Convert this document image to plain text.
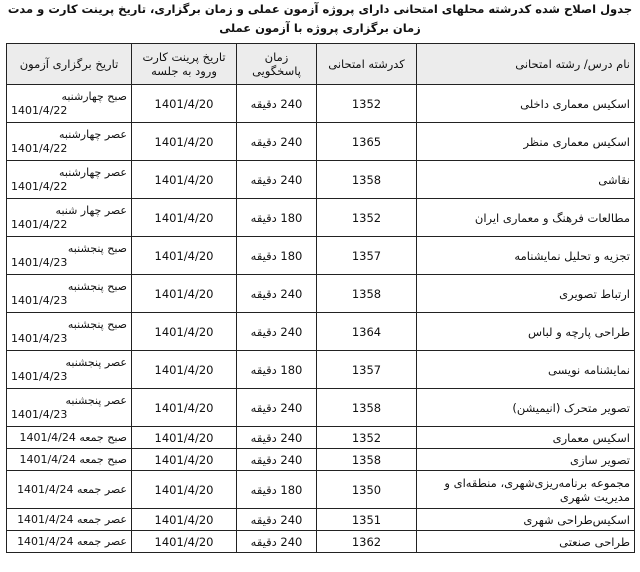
جدول اصلاح شده کدرشته محلهای امتحانی دارای پروژه آزمون عملی و زمان برگزاری، تاریخ پرینت کارت و مدت زمان برگزاری پروژه با آزمون عملی
نام درس/ رشته امتحانی	کدرشته امتحانی	زمان پاسخگویی	تاریخ پرینت کارت ورود به جلسه	تاریخ برگزاری آزمون
اسکیس معماری داخلی	1352	240 دقیقه	1401/4/20	صبح چهارشنبه
1401/4/22

اسکیس معماری منظر	1365	240 دقیقه	1401/4/20	عصر چهارشنبه
1401/4/22

نقاشی	1358	240 دقیقه	1401/4/20	عصر چهارشنبه
1401/4/22

مطالعات فرهنگ و معماری ایران	1352	180 دقیقه	1401/4/20	عصر چهار شنبه
1401/4/22

تجزیه و تحلیل نمایشنامه	1357	180 دقیقه	1401/4/20	صبح پنجشنبه
1401/4/23

ارتباط تصویری	1358	240 دقیقه	1401/4/20	صبح پنجشنبه
1401/4/23

طراحی پارچه و لباس	1364	240 دقیقه	1401/4/20	صبح پنجشنبه
1401/4/23

نمایشنامه نویسی	1357	180 دقیقه	1401/4/20	عصر پنجشنبه
1401/4/23

تصویر متحرک (انیمیشن)	1358	240 دقیقه	1401/4/20	عصر پنجشنبه
1401/4/23

اسکیس معماری	1352	240 دقیقه	1401/4/20	صبح جمعه 1401/4/24

تصویر سازی	1358	240 دقیقه	1401/4/20	صبح جمعه 1401/4/24

مجموعه برنامه‌ریزی‌شهری، منطقه‌ای و مدیریت شهری	1350	180 دقیقه	1401/4/20	عصر جمعه 1401/4/24

اسکیس‌طراحی شهری	1351	240 دقیقه	1401/4/20	عصر جمعه 1401/4/24

طراحی صنعتی	1362	240 دقیقه	1401/4/20	عصر جمعه 1401/4/24
